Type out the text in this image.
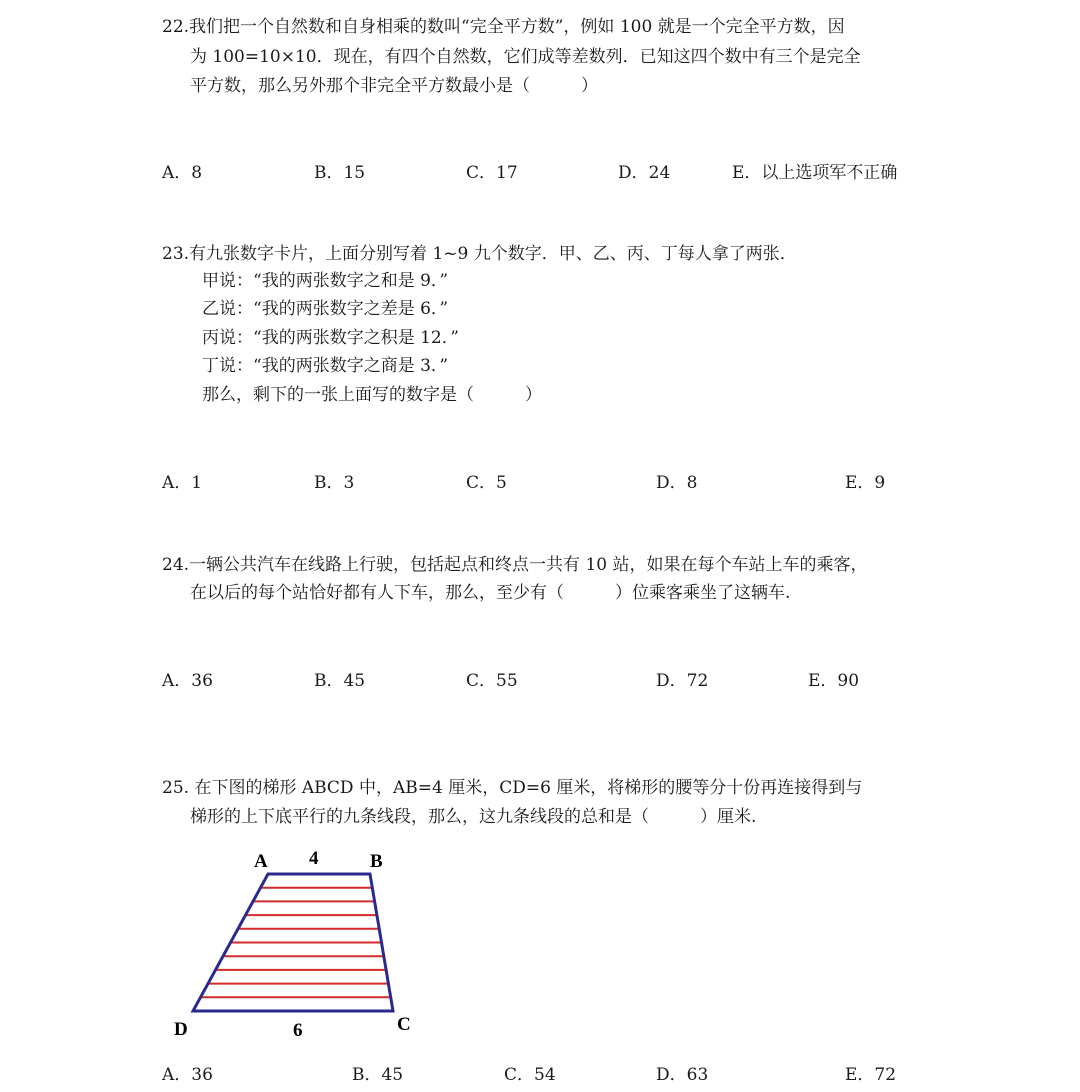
22.我们把一个自然数和自身相乘的数叫“完全平方数”，例如 100 就是一个完全平方数，因
为 100=10×10．现在，有四个自然数，它们成等差数列．已知这四个数中有三个是完全
平方数，那么另外那个非完全平方数最小是（　　　）
A．8	B．15	C．17	D．24	E．以上选项军不正确
23.有九张数字卡片，上面分别写着 1~9 九个数字．甲、乙、丙、丁每人拿了两张．
甲说：“我的两张数字之和是 9．”
乙说：“我的两张数字之差是 6．”
丙说：“我的两张数字之积是 12．”
丁说：“我的两张数字之商是 3．”
那么，剩下的一张上面写的数字是（　　　）
A．1	B．3	C．5	D．8	E．9
24.一辆公共汽车在线路上行驶，包括起点和终点一共有 10 站，如果在每个车站上车的乘客，
在以后的每个站恰好都有人下车，那么，至少有（　　　）位乘客乘坐了这辆车.
A．36	B．45	C．55	D．72	E．90
25. 在下图的梯形 ABCD 中，AB=4 厘米，CD=6 厘米，将梯形的腰等分十份再连接得到与
梯形的上下底平行的九条线段，那么，这九条线段的总和是（　　　）厘米.
A 4	B
D	6	C
A．36	B．45	C．54	D．63	E．72
